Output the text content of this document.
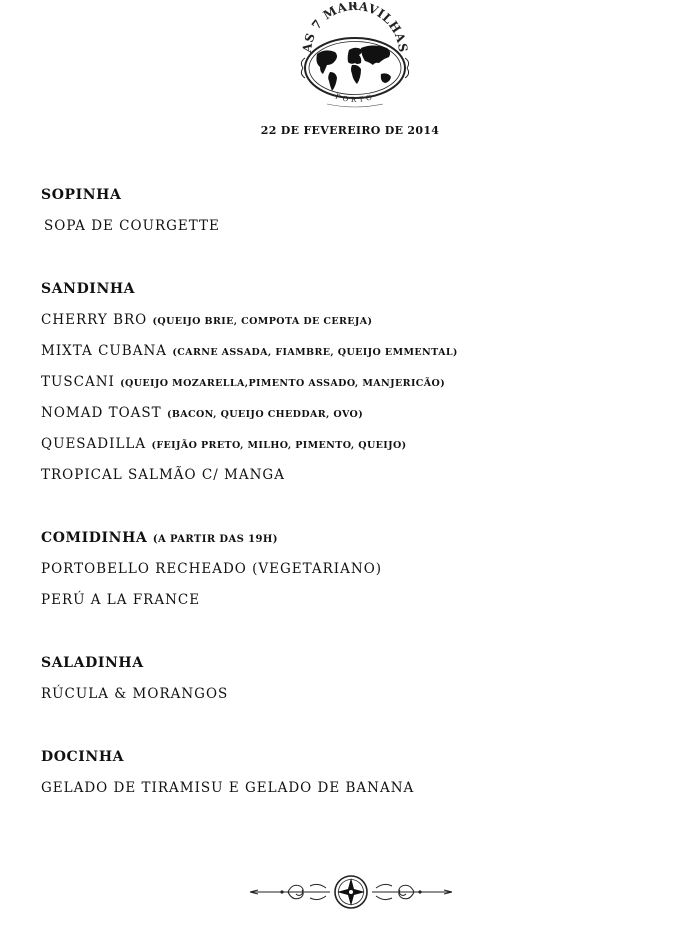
AS 7 MARAVILHAS
PORTO
22 DE FEVEREIRO DE 2014
SOPINHA
SOPA DE COURGETTE
SANDINHA
CHERRY BRO (QUEIJO BRIE, COMPOTA DE CEREJA)
MIXTA CUBANA (CARNE ASSADA, FIAMBRE, QUEIJO EMMENTAL)
TUSCANI (QUEIJO MOZARELLA,PIMENTO ASSADO, MANJERICÃO)
NOMAD TOAST (BACON, QUEIJO CHEDDAR, OVO)
QUESADILLA (FEIJÃO PRETO, MILHO, PIMENTO, QUEIJO)
TROPICAL SALMÃO C/ MANGA
COMIDINHA (A PARTIR DAS 19H)
PORTOBELLO RECHEADO (VEGETARIANO)
PERÚ A LA FRANCE
SALADINHA
RÚCULA & MORANGOS
DOCINHA
GELADO DE TIRAMISU E GELADO DE BANANA
